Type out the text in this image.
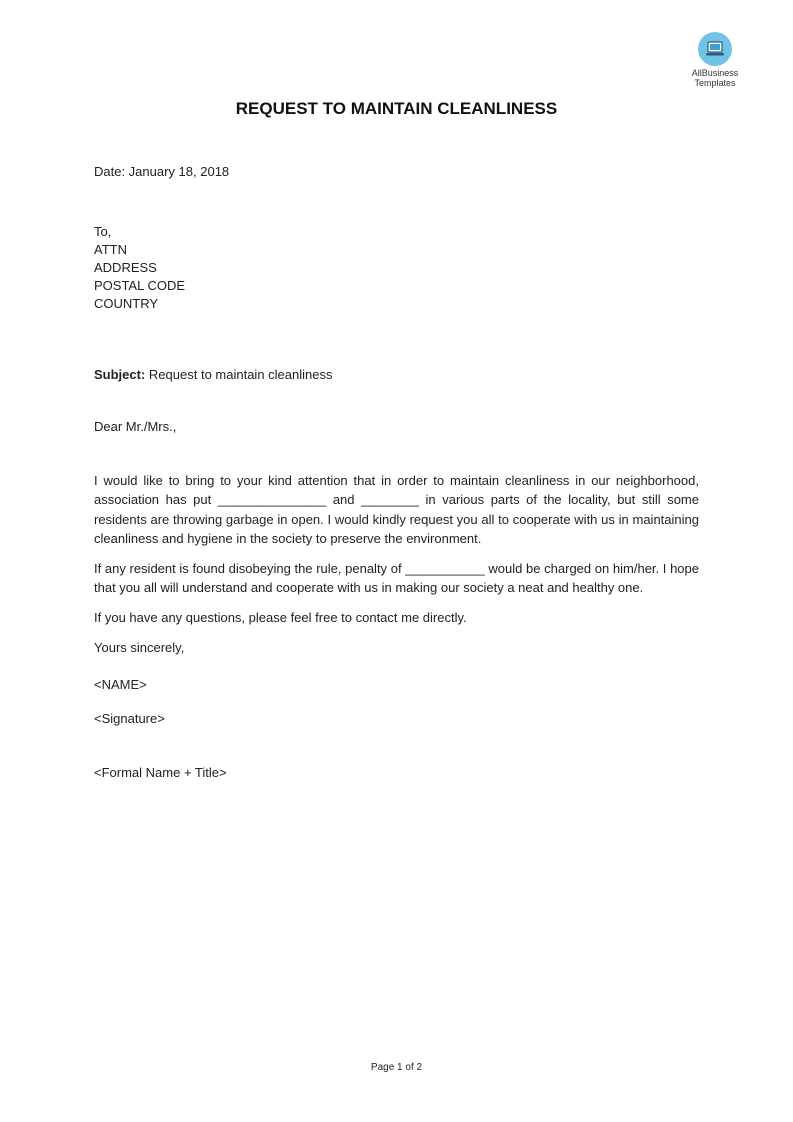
AllBusiness
Templates
REQUEST TO MAINTAIN CLEANLINESS
Date: January 18, 2018
To,
ATTN
ADDRESS
POSTAL CODE
COUNTRY
Subject: Request to maintain cleanliness
Dear Mr./Mrs.,
I would like to bring to your kind attention that in order to maintain cleanliness in our neighborhood, association has put _______________ and ________ in various parts of the locality, but still some residents are throwing garbage in open. I would kindly request you all to cooperate with us in maintaining cleanliness and hygiene in the society to preserve the environment.
If any resident is found disobeying the rule, penalty of ___________ would be charged on him/her. I hope that you all will understand and cooperate with us in making our society a neat and healthy one.
If you have any questions, please feel free to contact me directly.
Yours sincerely,
<NAME>
<Signature>
<Formal Name + Title>
Page 1 of 2
